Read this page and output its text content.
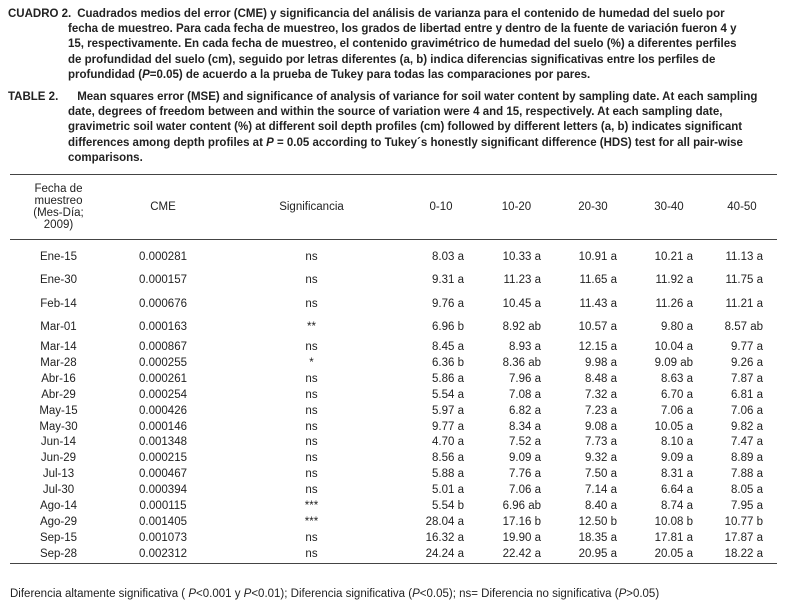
CUADRO 2. Cuadrados medios del error (CME) y significancia del análisis de varianza para el contenido de humedad del suelo por
fecha de muestreo. Para cada fecha de muestreo, los grados de libertad entre y dentro de la fuente de variación fueron 4 y
15, respectivamente. En cada fecha de muestreo, el contenido gravimétrico de humedad del suelo (%) a diferentes perfiles
de profundidad del suelo (cm), seguido por letras diferentes (a, b) indica diferencias significativas entre los perfiles de
profundidad (P=0.05) de acuerdo a la prueba de Tukey para todas las comparaciones por pares.
TABLE 2. Mean squares error (MSE) and significance of analysis of variance for soil water content by sampling date. At each sampling
date, degrees of freedom between and within the source of variation were 4 and 15, respectively. At each sampling date,
gravimetric soil water content (%) at different soil depth profiles (cm) followed by different letters (a, b) indicates significant
differences among depth profiles at P = 0.05 according to Tukey´s honestly significant difference (HDS) test for all pair-wise
comparisons.
Fecha de
muestreo
(Mes-Día;
2009)	CME	Significancia	0-10	10-20	20-30	30-40	40-50
Ene-15	0.000281	ns	8.03 a	10.33 a	10.91 a	10.21 a	11.13 a
Ene-30	0.000157	ns	9.31 a	11.23 a	11.65 a	11.92 a	11.75 a
Feb-14	0.000676	ns	9.76 a	10.45 a	11.43 a	11.26 a	11.21 a
Mar-01	0.000163	**	6.96 b	8.92 ab	10.57 a	9.80 a	8.57 ab
Mar-14	0.000867	ns	8.45 a	8.93 a	12.15 a	10.04 a	9.77 a
Mar-28	0.000255	*	6.36 b	8.36 ab	9.98 a	9.09 ab	9.26 a
Abr-16	0.000261	ns	5.86 a	7.96 a	8.48 a	8.63 a	7.87 a
Abr-29	0.000254	ns	5.54 a	7.08 a	7.32 a	6.70 a	6.81 a
May-15	0.000426	ns	5.97 a	6.82 a	7.23 a	7.06 a	7.06 a
May-30	0.000146	ns	9.77 a	8.34 a	9.08 a	10.05 a	9.82 a
Jun-14	0.001348	ns	4.70 a	7.52 a	7.73 a	8.10 a	7.47 a
Jun-29	0.000215	ns	8.56 a	9.09 a	9.32 a	9.09 a	8.89 a
Jul-13	0.000467	ns	5.88 a	7.76 a	7.50 a	8.31 a	7.88 a
Jul-30	0.000394	ns	5.01 a	7.06 a	7.14 a	6.64 a	8.05 a
Ago-14	0.000115	***	5.54 b	6.96 ab	8.40 a	8.74 a	7.95 a
Ago-29	0.001405	***	28.04 a	17.16 b	12.50 b	10.08 b	10.77 b
Sep-15	0.001073	ns	16.32 a	19.90 a	18.35 a	17.81 a	17.87 a
Sep-28	0.002312	ns	24.24 a	22.42 a	20.95 a	20.05 a	18.22 a
Diferencia altamente significativa ( P<0.001 y P<0.01); Diferencia significativa (P<0.05); ns= Diferencia no significativa (P>0.05)
